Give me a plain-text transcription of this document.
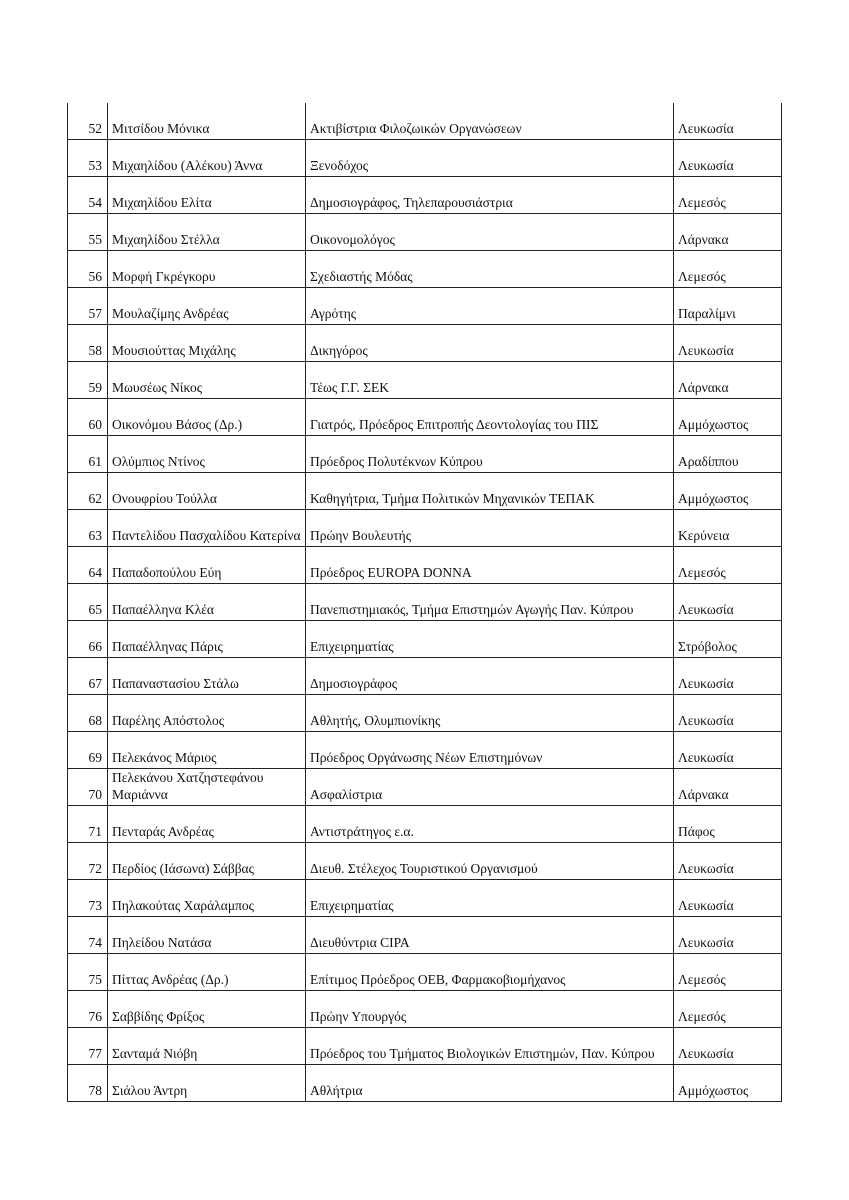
52	Μιτσίδου Μόνικα	Ακτιβίστρια Φιλοζωικών Οργανώσεων	Λευκωσία
53	Μιχαηλίδου (Αλέκου) Άννα	Ξενοδόχος	Λευκωσία
54	Μιχαηλίδου Ελίτα	Δημοσιογράφος, Τηλεπαρουσιάστρια	Λεμεσός
55	Μιχαηλίδου Στέλλα	Οικονομολόγος	Λάρνακα
56	Μορφή Γκρέγκορυ	Σχεδιαστής Μόδας	Λεμεσός
57	Μουλαζίμης Ανδρέας	Αγρότης	Παραλίμνι
58	Μουσιούττας Μιχάλης	Δικηγόρος	Λευκωσία
59	Μωυσέως Νίκος	Τέως Γ.Γ. ΣΕΚ	Λάρνακα
60	Οικονόμου Βάσος (Δρ.)	Γιατρός, Πρόεδρος Επιτροπής Δεοντολογίας του ΠΙΣ	Αμμόχωστος
61	Ολύμπιος Ντίνος	Πρόεδρος Πολυτέκνων Κύπρου	Αραδίππου
62	Ονουφρίου Τούλλα	Καθηγήτρια, Τμήμα Πολιτικών Μηχανικών ΤΕΠΑΚ	Αμμόχωστος
63	Παντελίδου Πασχαλίδου Κατερίνα	Πρώην Βουλευτής	Κερύνεια
64	Παπαδοπούλου Εύη	Πρόεδρος EUROPA DONNA	Λεμεσός
65	Παπαέλληνα Κλέα	Πανεπιστημιακός, Τμήμα Επιστημών Αγωγής Παν. Κύπρου	Λευκωσία
66	Παπαέλληνας Πάρις	Επιχειρηματίας	Στρόβολος
67	Παπαναστασίου Στάλω	Δημοσιογράφος	Λευκωσία
68	Παρέλης Απόστολος	Αθλητής, Ολυμπιονίκης	Λευκωσία
69	Πελεκάνος Μάριος	Πρόεδρος Οργάνωσης Νέων Επιστημόνων	Λευκωσία
70	Πελεκάνου Χατζηστεφάνου Μαριάννα	Ασφαλίστρια	Λάρνακα
71	Πενταράς Ανδρέας	Αντιστράτηγος ε.α.	Πάφος
72	Περδίος (Ιάσωνα) Σάββας	Διευθ. Στέλεχος Τουριστικού Οργανισμού	Λευκωσία
73	Πηλακούτας Χαράλαμπος	Επιχειρηματίας	Λευκωσία
74	Πηλείδου Νατάσα	Διευθύντρια CIPA	Λευκωσία
75	Πίττας Ανδρέας (Δρ.)	Επίτιμος Πρόεδρος ΟΕΒ, Φαρμακοβιομήχανος	Λεμεσός
76	Σαββίδης Φρίξος	Πρώην Υπουργός	Λεμεσός
77	Σανταμά Νιόβη	Πρόεδρος του Τμήματος Βιολογικών Επιστημών, Παν. Κύπρου	Λευκωσία
78	Σιάλου Άντρη	Αθλήτρια	Αμμόχωστος
